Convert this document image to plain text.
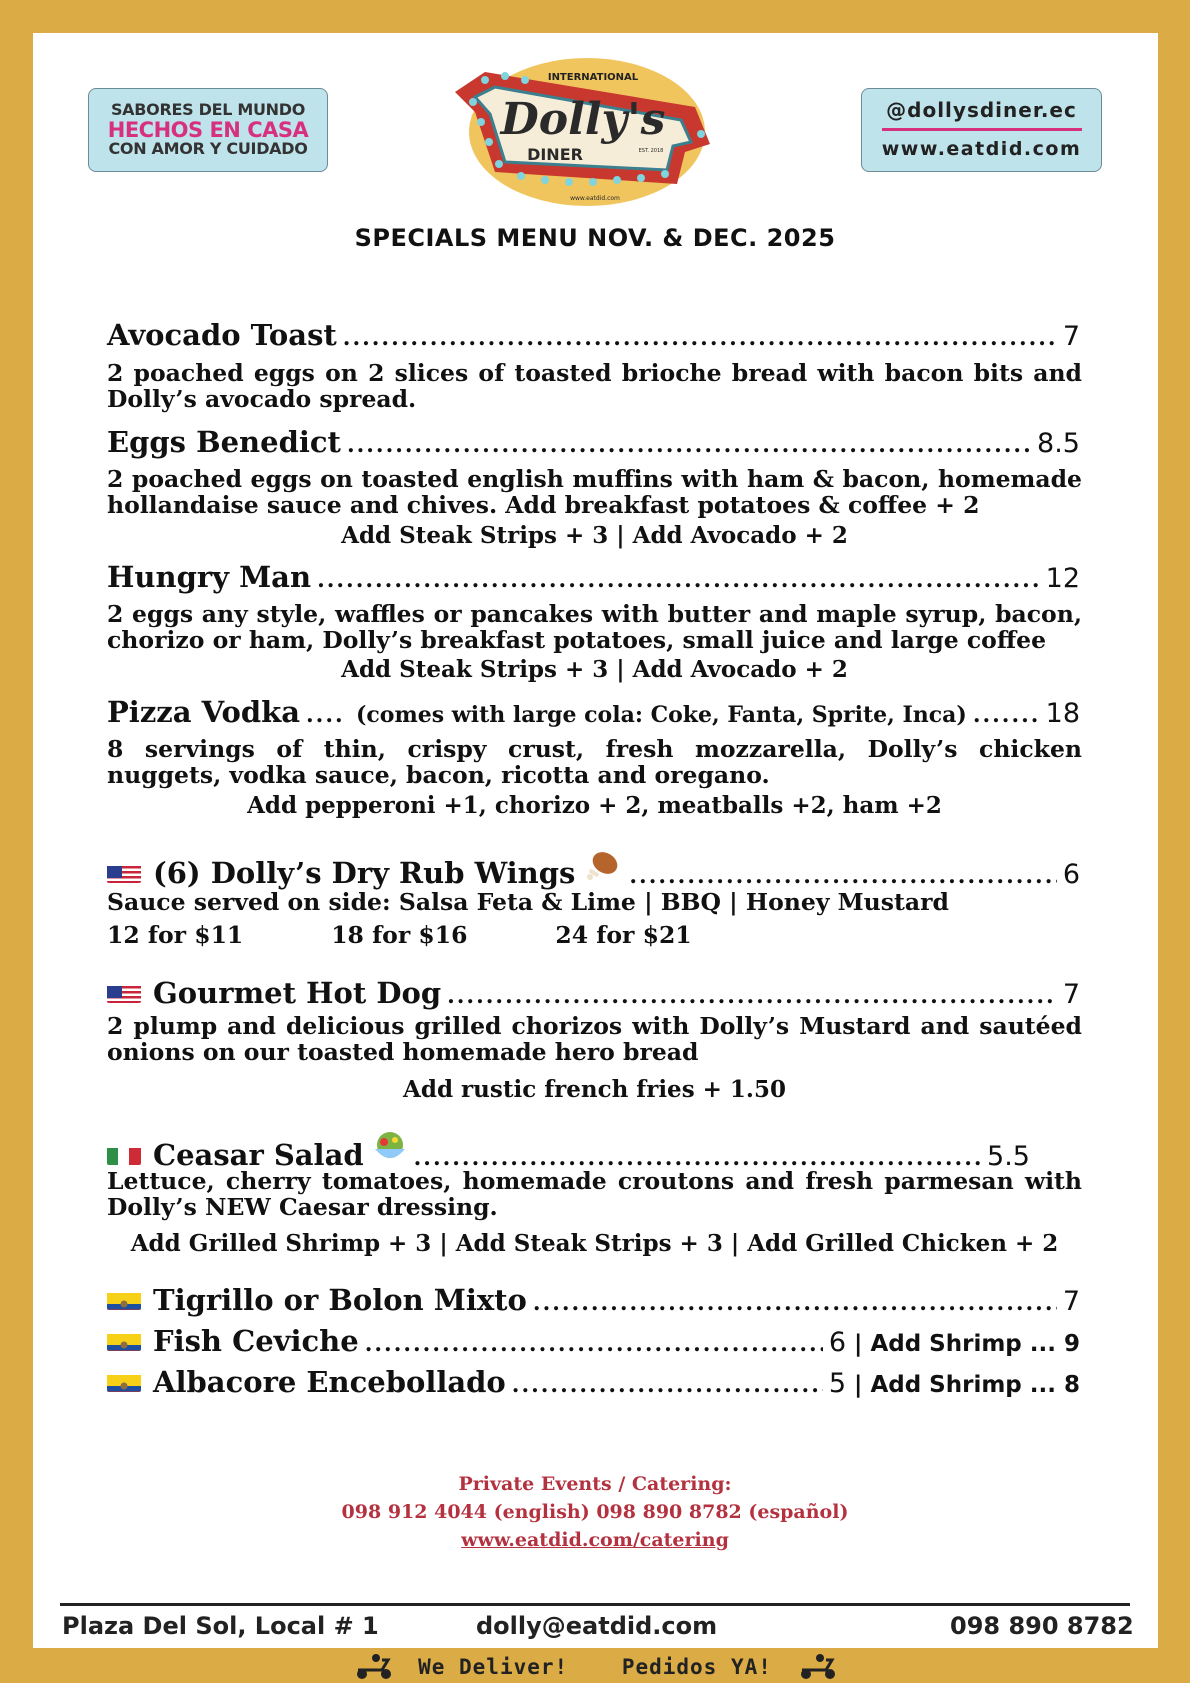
SABORES DEL MUNDO
HECHOS EN CASA
CON AMOR Y CUIDADO
@dollysdiner.ec
www.eatdid.com
INTERNATIONAL
Dolly's
DINER	EST. 2018
www.eatdid.com
SPECIALS MENU NOV. & DEC. 2025
Avocado Toast .....	7
2 poached eggs on 2 slices of toasted brioche bread with bacon bits and Dolly’s avocado spread.
Eggs Benedict .....	8.5
2 poached eggs on toasted english muffins with ham & bacon, homemade hollandaise sauce and chives. Add breakfast potatoes & coffee + 2
Add Steak Strips + 3 | Add Avocado + 2
Hungry Man .....	12
2 eggs any style, waffles or pancakes with butter and maple syrup, bacon, chorizo or ham, Dolly’s breakfast potatoes, small juice and large coffee
Add Steak Strips + 3 | Add Avocado + 2
Pizza Vodka .....	(comes with large cola: Coke, Fanta, Sprite, Inca) .....	18
8 servings of thin, crispy crust, fresh mozzarella, Dolly’s chicken nuggets, vodka sauce, bacon, ricotta and oregano.
Add pepperoni +1, chorizo + 2, meatballs +2, ham +2
(6) Dolly’s Dry Rub Wings .....	6
Sauce served on side: Salsa Feta & Lime | BBQ | Honey Mustard
12 for $11	18 for $16	24 for $21
Gourmet Hot Dog .....	7
2 plump and delicious grilled chorizos with Dolly’s Mustard and sautéed onions on our toasted homemade hero bread
Add rustic french fries + 1.50
Ceasar Salad .....	5.5
Lettuce, cherry tomatoes, homemade croutons and fresh parmesan with Dolly’s NEW Caesar dressing.
Add Grilled Shrimp + 3 | Add Steak Strips + 3 | Add Grilled Chicken + 2
Tigrillo or Bolon Mixto .....	7
Fish Ceviche .....	6 | Add Shrimp ... 9
Albacore Encebollado .....	5 | Add Shrimp ... 8
Private Events / Catering:
098 912 4044 (english) 098 890 8782 (español)
www.eatdid.com/catering
Plaza Del Sol, Local # 1	dolly@eatdid.com	098 890 8782
We Deliver!	Pedidos YA!
